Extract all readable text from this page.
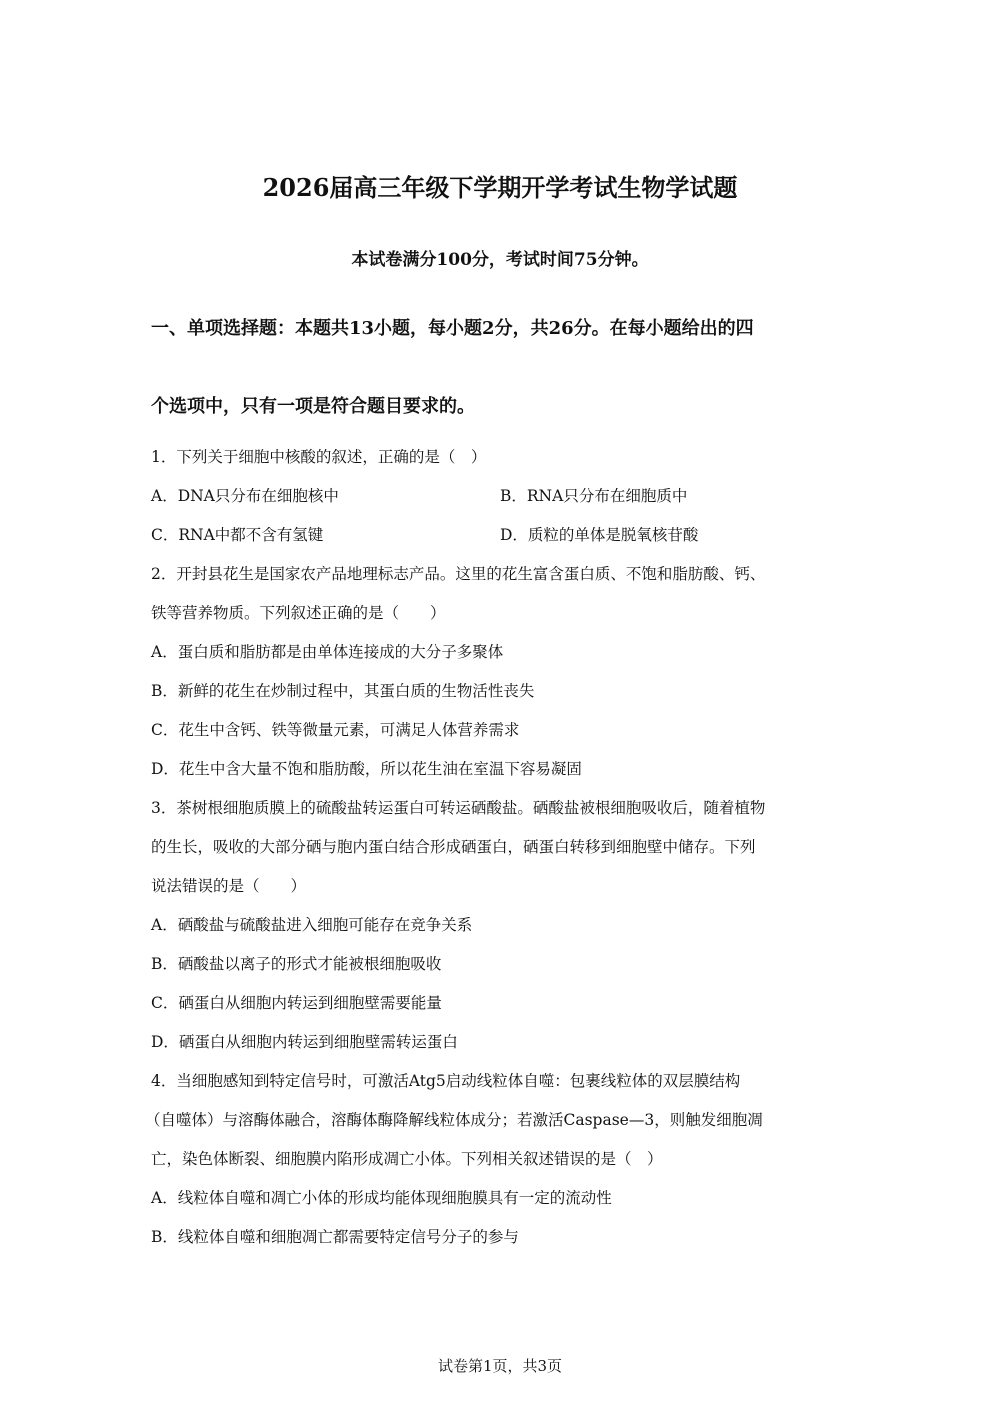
2026届高三年级下学期开学考试生物学试题
本试卷满分100分，考试时间75分钟。
一、单项选择题：本题共13小题，每小题2分，共26分。在每小题给出的四
个选项中，只有一项是符合题目要求的。
1．下列关于细胞中核酸的叙述，正确的是（　）
A．DNA只分布在细胞核中	B．RNA只分布在细胞质中
C．RNA中都不含有氢键	D．质粒的单体是脱氧核苷酸
2．开封县花生是国家农产品地理标志产品。这里的花生富含蛋白质、不饱和脂肪酸、钙、
铁等营养物质。下列叙述正确的是（　　）
A．蛋白质和脂肪都是由单体连接成的大分子多聚体
B．新鲜的花生在炒制过程中，其蛋白质的生物活性丧失
C．花生中含钙、铁等微量元素，可满足人体营养需求
D．花生中含大量不饱和脂肪酸，所以花生油在室温下容易凝固
3．茶树根细胞质膜上的硫酸盐转运蛋白可转运硒酸盐。硒酸盐被根细胞吸收后，随着植物
的生长，吸收的大部分硒与胞内蛋白结合形成硒蛋白，硒蛋白转移到细胞壁中储存。下列
说法错误的是（　　）
A．硒酸盐与硫酸盐进入细胞可能存在竞争关系
B．硒酸盐以离子的形式才能被根细胞吸收
C．硒蛋白从细胞内转运到细胞壁需要能量
D．硒蛋白从细胞内转运到细胞壁需转运蛋白
4．当细胞感知到特定信号时，可激活Atg5启动线粒体自噬：包裹线粒体的双层膜结构
（自噬体）与溶酶体融合，溶酶体酶降解线粒体成分；若激活Caspase—3，则触发细胞凋
亡，染色体断裂、细胞膜内陷形成凋亡小体。下列相关叙述错误的是（　）
A．线粒体自噬和凋亡小体的形成均能体现细胞膜具有一定的流动性
B．线粒体自噬和细胞凋亡都需要特定信号分子的参与
试卷第1页，共3页
